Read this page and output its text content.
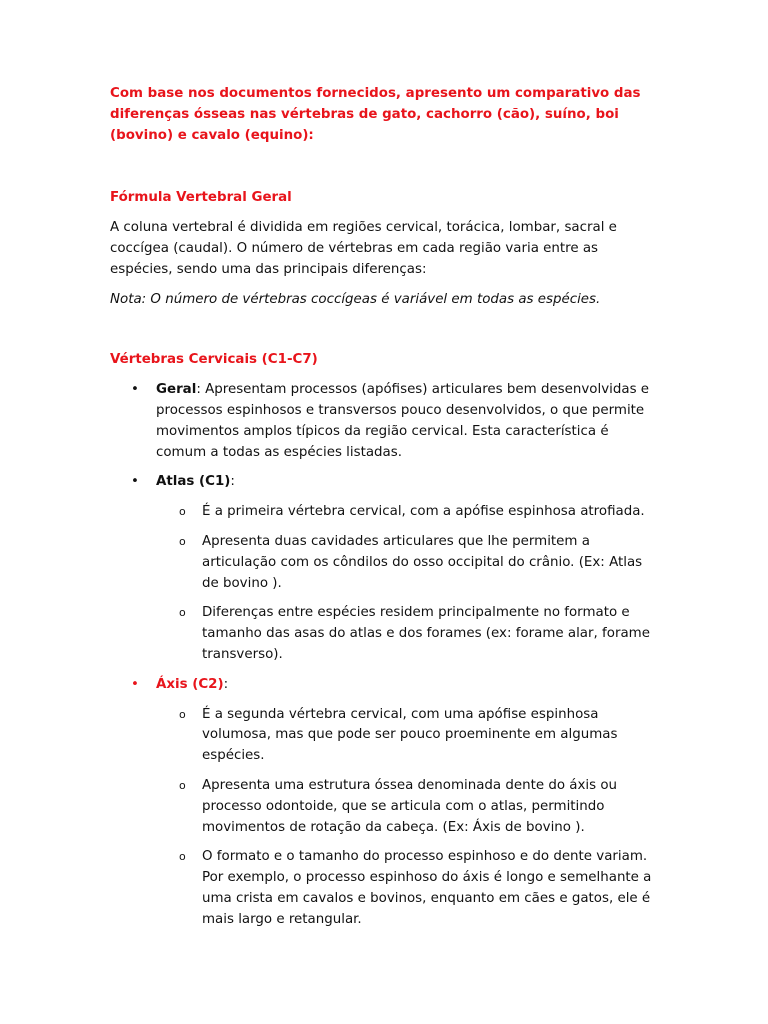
Com base nos documentos fornecidos, apresento um comparativo das diferenças ósseas nas vértebras de gato, cachorro (cão), suíno, boi (bovino) e cavalo (equino):

Fórmula Vertebral Geral

A coluna vertebral é dividida em regiões cervical, torácica, lombar, sacral e coccígea (caudal). O número de vértebras em cada região varia entre as espécies, sendo uma das principais diferenças:

Nota: O número de vértebras coccígeas é variável em todas as espécies.

Vértebras Cervicais (C1-C7)

• Geral: Apresentam processos (apófises) articulares bem desenvolvidas e processos espinhosos e transversos pouco desenvolvidos, o que permite movimentos amplos típicos da região cervical. Esta característica é comum a todas as espécies listadas.
• Atlas (C1):
o É a primeira vértebra cervical, com a apófise espinhosa atrofiada.
o Apresenta duas cavidades articulares que lhe permitem a articulação com os côndilos do osso occipital do crânio. (Ex: Atlas de bovino ).
o Diferenças entre espécies residem principalmente no formato e tamanho das asas do atlas e dos forames (ex: forame alar, forame transverso).
• Áxis (C2):
o É a segunda vértebra cervical, com uma apófise espinhosa volumosa, mas que pode ser pouco proeminente em algumas espécies.
o Apresenta uma estrutura óssea denominada dente do áxis ou processo odontoide, que se articula com o atlas, permitindo movimentos de rotação da cabeça. (Ex: Áxis de bovino ).
o O formato e o tamanho do processo espinhoso e do dente variam. Por exemplo, o processo espinhoso do áxis é longo e semelhante a uma crista em cavalos e bovinos, enquanto em cães e gatos, ele é mais largo e retangular.
